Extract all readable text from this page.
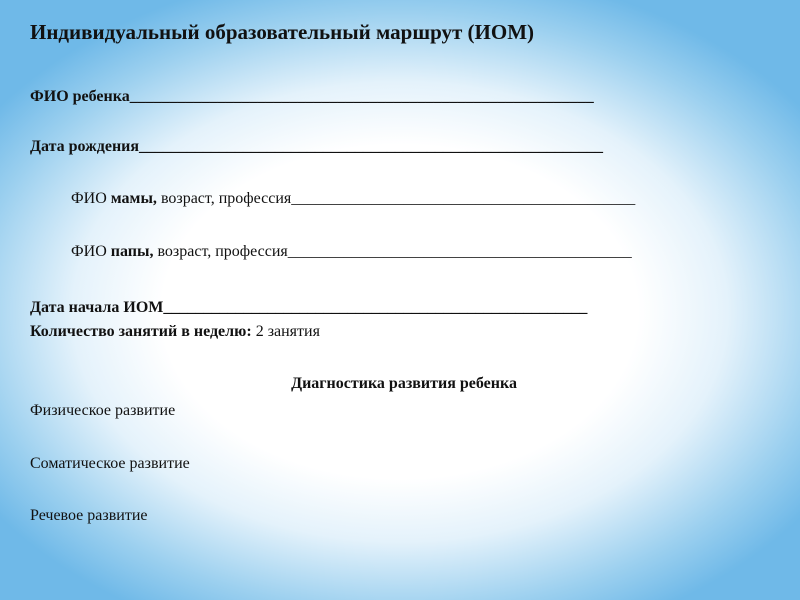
Индивидуальный образовательный маршрут (ИОМ)
ФИО ребенка__________________________________________________________
Дата рождения__________________________________________________________
ФИО мамы, возраст, профессия___________________________________________
ФИО папы, возраст, профессия___________________________________________
Дата начала ИОМ_____________________________________________________
Количество занятий в неделю: 2 занятия
Диагностика развития ребенка
Физическое развитие
Соматическое развитие
Речевое развитие
